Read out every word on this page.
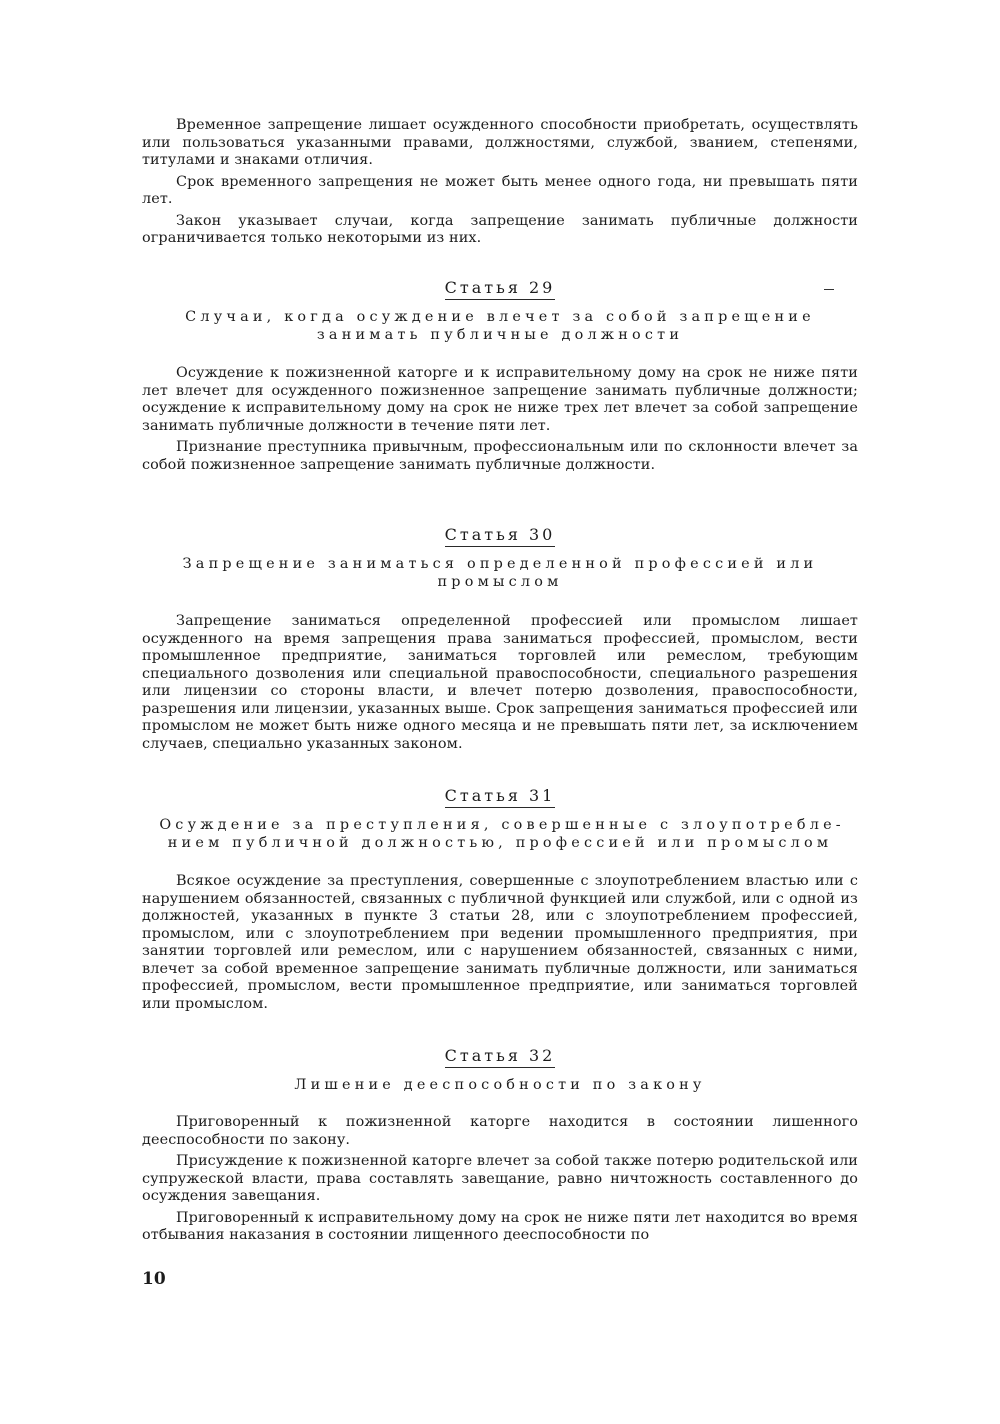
Временное запрещение лишает осужденного способности приобретать, осуществлять или пользоваться указанными правами, должностями, службой, званием, степенями, титулами и знаками отличия.

Срок временного запрещения не может быть менее одного года, ни превышать пяти лет.

Закон указывает случаи, когда запрещение занимать публичные должности ограничивается только некоторыми из них.

Статья 29
Случаи, когда осуждение влечет за собой запрещение занимать публичные должности

Осуждение к пожизненной каторге и к исправительному дому на срок не ниже пяти лет влечет для осужденного пожизненное запрещение занимать публичные должности; осуждение к исправительному дому на срок не ниже трех лет влечет за собой запрещение занимать публичные должности в течение пяти лет.

Признание преступника привычным, профессиональным или по склонности влечет за собой пожизненное запрещение занимать публичные должности.

Статья 30
Запрещение заниматься определенной профессией или промыслом

Запрещение заниматься определенной профессией или промыслом лишает осужденного на время запрещения права заниматься профессией, промыслом, вести промышленное предприятие, заниматься торговлей или ремеслом, требующим специального дозволения или специальной правоспособности, специального разрешения или лицензии со стороны власти, и влечет потерю дозволения, правоспособности, разрешения или лицензии, указанных выше. Срок запрещения заниматься профессией или промыслом не может быть ниже одного месяца и не превышать пяти лет, за исключением случаев, специально указанных законом.

Статья 31
Осуждение за преступления, совершенные с злоупотреблением публичной должностью, профессией или промыслом

Всякое осуждение за преступления, совершенные с злоупотреблением властью или с нарушением обязанностей, связанных с публичной функцией или службой, или с одной из должностей, указанных в пункте 3 статьи 28, или с злоупотреблением профессией, промыслом, или с злоупотреблением при ведении промышленного предприятия, при занятии торговлей или ремеслом, или с нарушением обязанностей, связанных с ними, влечет за собой временное запрещение занимать публичные должности, или заниматься профессией, промыслом, вести промышленное предприятие, или заниматься торговлей или промыслом.

Статья 32
Лишение дееспособности по закону

Приговоренный к пожизненной каторге находится в состоянии лишенного дееспособности по закону.

Присуждение к пожизненной каторге влечет за собой также потерю родительской или супружеской власти, права составлять завещание, равно ничтожность составленного до осуждения завещания.

Приговоренный к исправительному дому на срок не ниже пяти лет находится во время отбывания наказания в состоянии лищенного дееспособности по

10
